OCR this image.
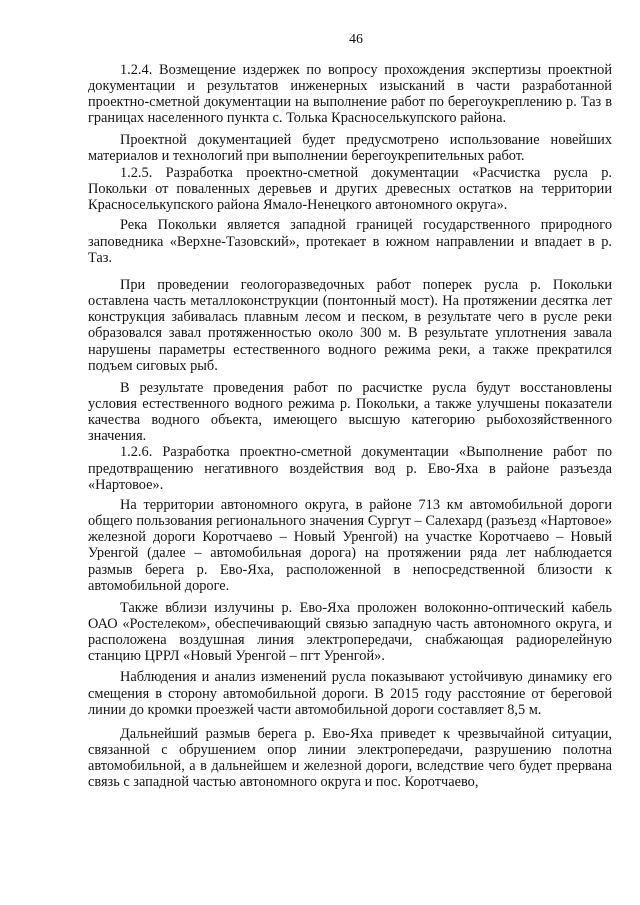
46

1.2.4. Возмещение издержек по вопросу прохождения экспертизы проектной документации и результатов инженерных изысканий в части разработанной проектно-сметной документации на выполнение работ по берегоукреплению р. Таз в границах населенного пункта с. Толька Красноселькупского района.

Проектной документацией будет предусмотрено использование новейших материалов и технологий при выполнении берегоукрепительных работ.

1.2.5. Разработка проектно-сметной документации «Расчистка русла р. Покольки от поваленных деревьев и других древесных остатков на территории Красноселькупского района Ямало-Ненецкого автономного округа».

Река Покольки является западной границей государственного природного заповедника «Верхне-Тазовский», протекает в южном направлении и впадает в р. Таз.

При проведении геологоразведочных работ поперек русла р. Покольки оставлена часть металлоконструкции (понтонный мост). На протяжении десятка лет конструкция забивалась плавным лесом и песком, в результате чего в русле реки образовался завал протяженностью около 300 м. В результате уплотнения завала нарушены параметры естественного водного режима реки, а также прекратился подъем сиговых рыб.

В результате проведения работ по расчистке русла будут восстановлены условия естественного водного режима р. Покольки, а также улучшены показатели качества водного объекта, имеющего высшую категорию рыбохозяйственного значения.

1.2.6. Разработка проектно-сметной документации «Выполнение работ по предотвращению негативного воздействия вод р. Ево-Яха в районе разъезда «Нартовое».

На территории автономного округа, в районе 713 км автомобильной дороги общего пользования регионального значения Сургут – Салехард (разъезд «Нартовое» железной дороги Коротчаево – Новый Уренгой) на участке Коротчаево – Новый Уренгой (далее – автомобильная дорога) на протяжении ряда лет наблюдается размыв берега р. Ево-Яха, расположенной в непосредственной близости к автомобильной дороге.

Также вблизи излучины р. Ево-Яха проложен волоконно-оптический кабель ОАО «Ростелеком», обеспечивающий связью западную часть автономного округа, и расположена воздушная линия электропередачи, снабжающая радиорелейную станцию ЦРРЛ «Новый Уренгой – пгт Уренгой».

Наблюдения и анализ изменений русла показывают устойчивую динамику его смещения в сторону автомобильной дороги. В 2015 году расстояние от береговой линии до кромки проезжей части автомобильной дороги составляет 8,5 м.

Дальнейший размыв берега р. Ево-Яха приведет к чрезвычайной ситуации, связанной с обрушением опор линии электропередачи, разрушению полотна автомобильной, а в дальнейшем и железной дороги, вследствие чего будет прервана связь с западной частью автономного округа и пос. Коротчаево,
